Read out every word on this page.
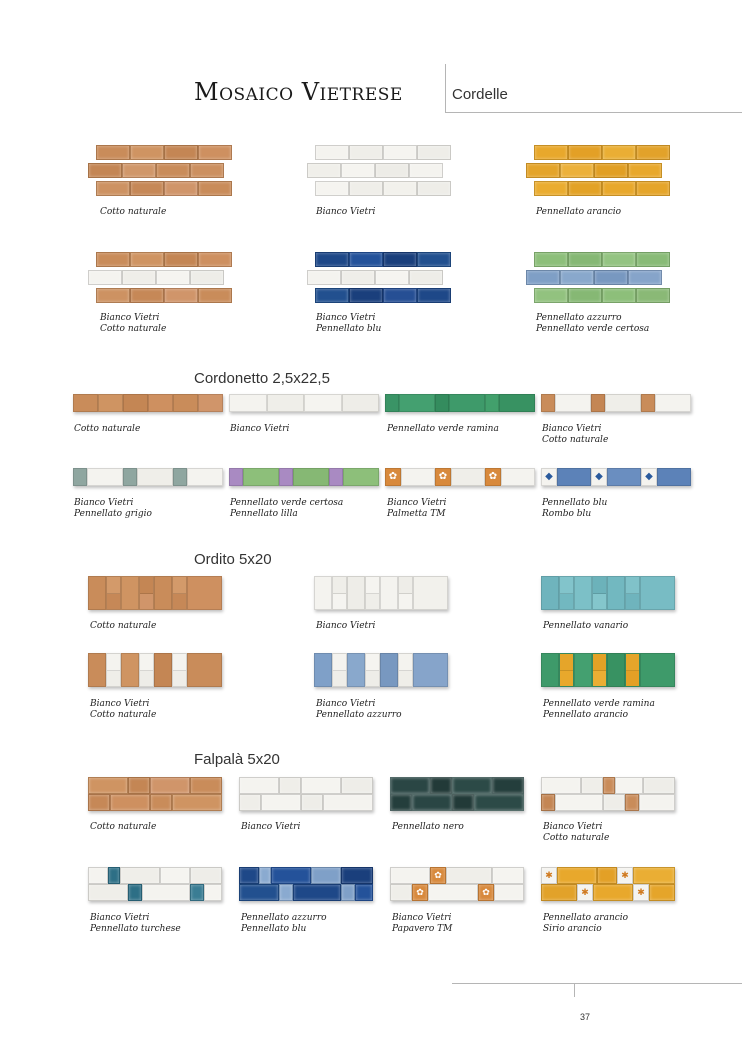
Mosaico Vietrese	Cordelle
Cotto naturale	Bianco Vietri	Pennellato arancio
Bianco Vietri
Cotto naturale
Bianco Vietri
Pennellato blu
Pennellato azzurro
Pennellato verde certosa
Cordonetto 2,5x22,5
Cotto naturale	Bianco Vietri	Pennellato verde ramina	Bianco Vietri
Cotto naturale
Bianco Vietri
Pennellato grigio
Pennellato verde certosa
Pennellato lilla
✿	✿	✿
Bianco Vietri
Palmetta TM
◆	◆	◆
Pennellato blu
Rombo blu
Ordito 5x20
Cotto naturale	Bianco Vietri	Pennellato vanario
Bianco Vietri
Cotto naturale
Bianco Vietri
Pennellato azzurro
Pennellato verde ramina
Pennellato arancio
Falpalà 5x20
Cotto naturale	Bianco Vietri	Pennellato nero	Bianco Vietri
Cotto naturale
Bianco Vietri
Pennellato turchese
Pennellato azzurro
Pennellato blu
✿
✿	✿
Bianco Vietri
Papavero TM
✱	✱
✱	✱
Pennellato arancio
Sirio arancio
37
